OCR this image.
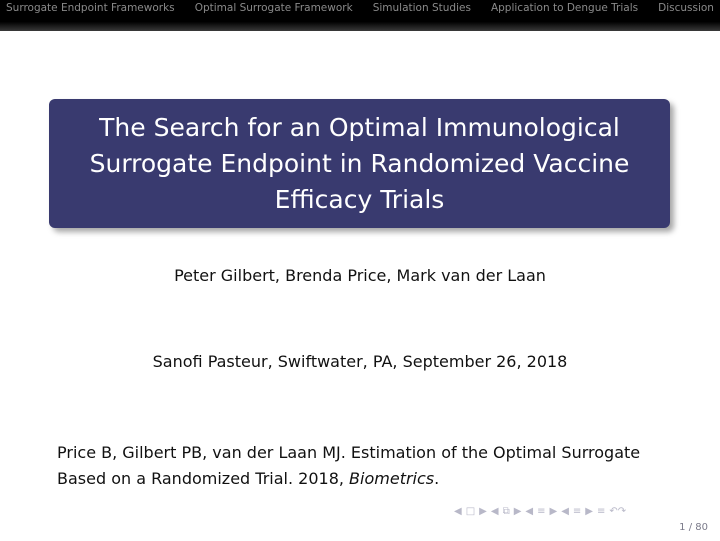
Surrogate Endpoint Frameworks Optimal Surrogate Framework Simulation Studies Application to Dengue Trials Discussion
The Search for an Optimal Immunological Surrogate Endpoint in Randomized Vaccine Efficacy Trials
Peter Gilbert, Brenda Price, Mark van der Laan
Sanofi Pasteur, Swiftwater, PA, September 26, 2018
Price B, Gilbert PB, van der Laan MJ. Estimation of the Optimal Surrogate Based on a Randomized Trial. 2018, Biometrics.
◀ □ ▶ ◀ ⧉ ▶ ◀ ≡ ▶ ◀ ≡ ▶ ≡ ↶↷
1 / 80
